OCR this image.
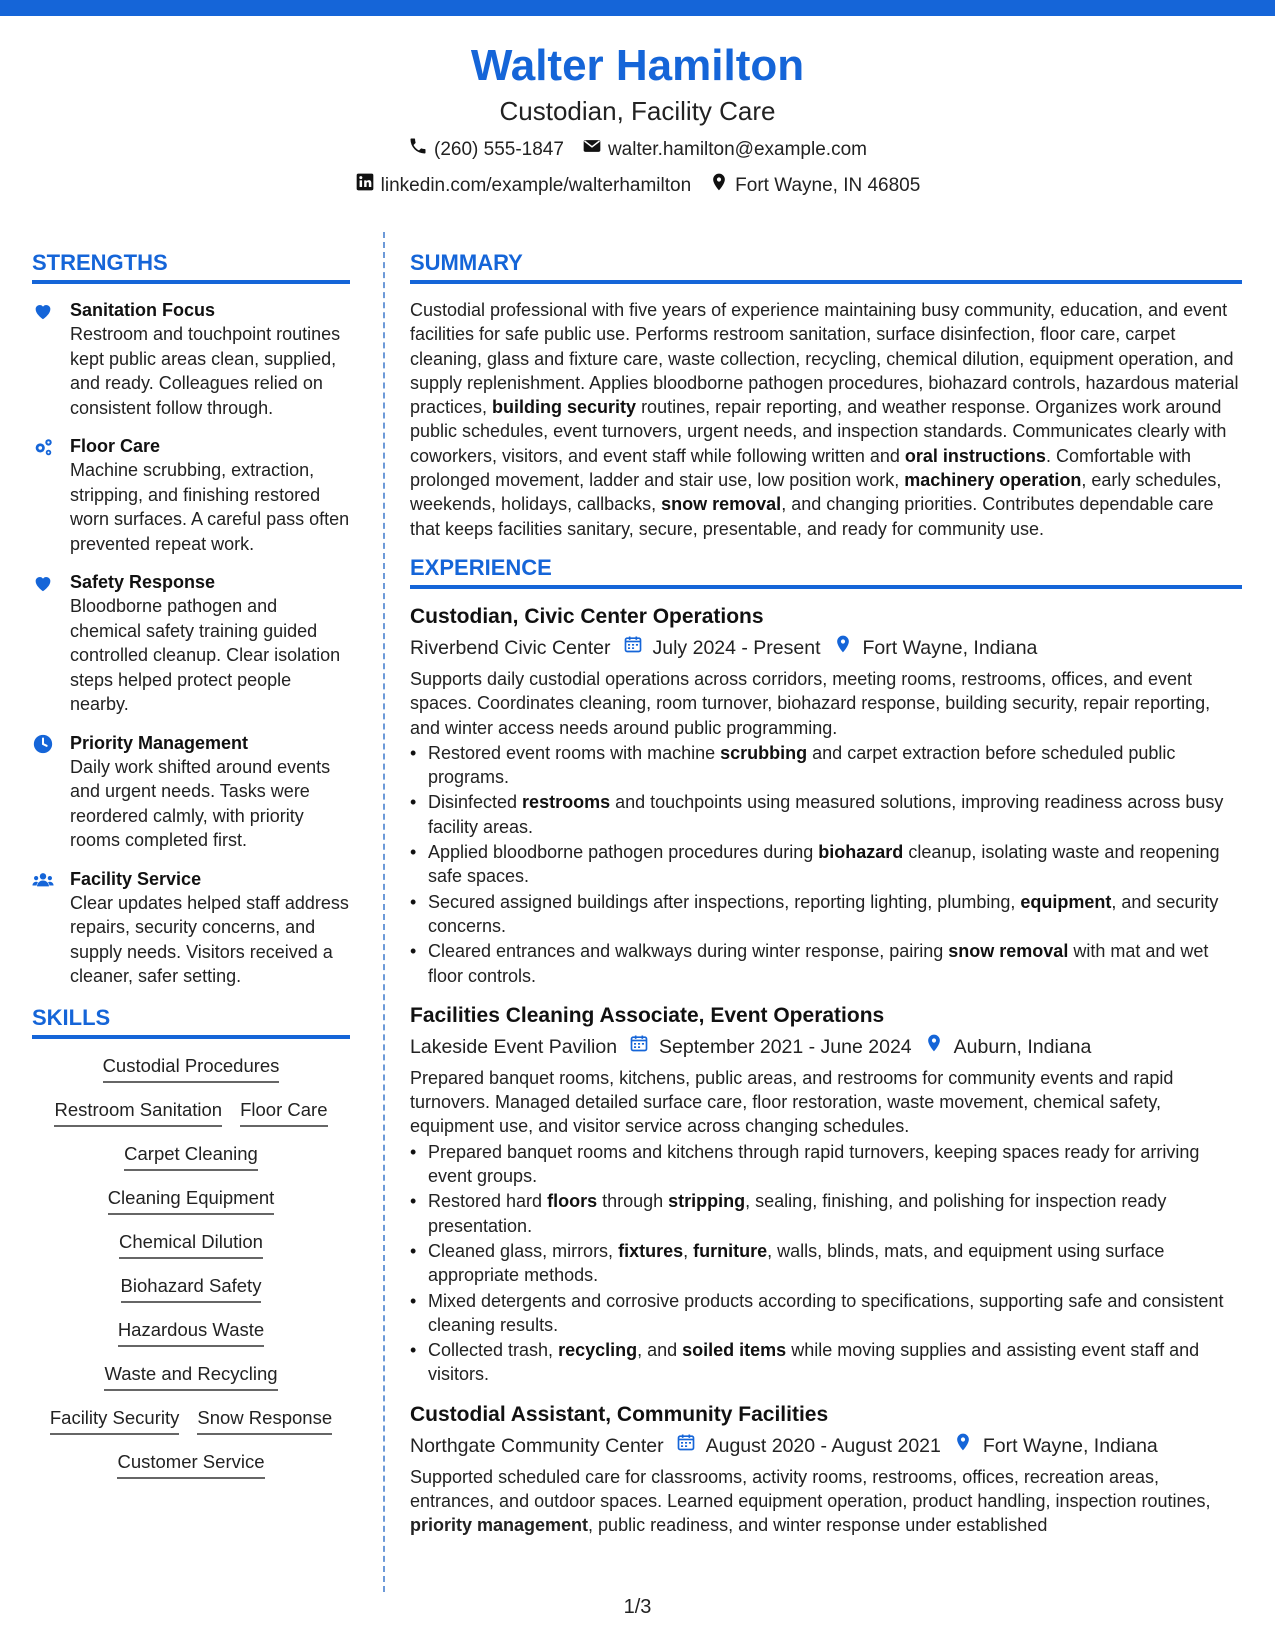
Walter Hamilton
Custodian, Facility Care
(260) 555-1847 walter.hamilton@example.com
linkedin.com/example/walterhamilton Fort Wayne, IN 46805
STRENGTHS
Sanitation Focus
Restroom and touchpoint routines kept public areas clean, supplied, and ready. Colleagues relied on consistent follow through.
Floor Care
Machine scrubbing, extraction, stripping, and finishing restored worn surfaces. A careful pass often prevented repeat work.
Safety Response
Bloodborne pathogen and chemical safety training guided controlled cleanup. Clear isolation steps helped protect people nearby.
Priority Management
Daily work shifted around events and urgent needs. Tasks were reordered calmly, with priority rooms completed first.
Facility Service
Clear updates helped staff address repairs, security concerns, and supply needs. Visitors received a cleaner, safer setting.
SKILLS
Custodial Procedures
Restroom Sanitation Floor Care
Carpet Cleaning
Cleaning Equipment
Chemical Dilution
Biohazard Safety
Hazardous Waste
Waste and Recycling
Facility Security Snow Response
Customer Service
SUMMARY
Custodial professional with five years of experience maintaining busy community, education, and event facilities for safe public use. Performs restroom sanitation, surface disinfection, floor care, carpet cleaning, glass and fixture care, waste collection, recycling, chemical dilution, equipment operation, and supply replenishment. Applies bloodborne pathogen procedures, biohazard controls, hazardous material practices, building security routines, repair reporting, and weather response. Organizes work around public schedules, event turnovers, urgent needs, and inspection standards. Communicates clearly with coworkers, visitors, and event staff while following written and oral instructions. Comfortable with prolonged movement, ladder and stair use, low position work, machinery operation, early schedules, weekends, holidays, callbacks, snow removal, and changing priorities. Contributes dependable care that keeps facilities sanitary, secure, presentable, and ready for community use.
EXPERIENCE
Custodian, Civic Center Operations
Riverbend Civic Center July 2024 - Present Fort Wayne, Indiana
Supports daily custodial operations across corridors, meeting rooms, restrooms, offices, and event spaces. Coordinates cleaning, room turnover, biohazard response, building security, repair reporting, and winter access needs around public programming.
• Restored event rooms with machine scrubbing and carpet extraction before scheduled public programs.
• Disinfected restrooms and touchpoints using measured solutions, improving readiness across busy facility areas.
• Applied bloodborne pathogen procedures during biohazard cleanup, isolating waste and reopening safe spaces.
• Secured assigned buildings after inspections, reporting lighting, plumbing, equipment, and security concerns.
• Cleared entrances and walkways during winter response, pairing snow removal with mat and wet floor controls.
Facilities Cleaning Associate, Event Operations
Lakeside Event Pavilion September 2021 - June 2024 Auburn, Indiana
Prepared banquet rooms, kitchens, public areas, and restrooms for community events and rapid turnovers. Managed detailed surface care, floor restoration, waste movement, chemical safety, equipment use, and visitor service across changing schedules.
• Prepared banquet rooms and kitchens through rapid turnovers, keeping spaces ready for arriving event groups.
• Restored hard floors through stripping, sealing, finishing, and polishing for inspection ready presentation.
• Cleaned glass, mirrors, fixtures, furniture, walls, blinds, mats, and equipment using surface appropriate methods.
• Mixed detergents and corrosive products according to specifications, supporting safe and consistent cleaning results.
• Collected trash, recycling, and soiled items while moving supplies and assisting event staff and visitors.
Custodial Assistant, Community Facilities
Northgate Community Center August 2020 - August 2021 Fort Wayne, Indiana
Supported scheduled care for classrooms, activity rooms, restrooms, offices, recreation areas, entrances, and outdoor spaces. Learned equipment operation, product handling, inspection routines, priority management, public readiness, and winter response under established
1/3
